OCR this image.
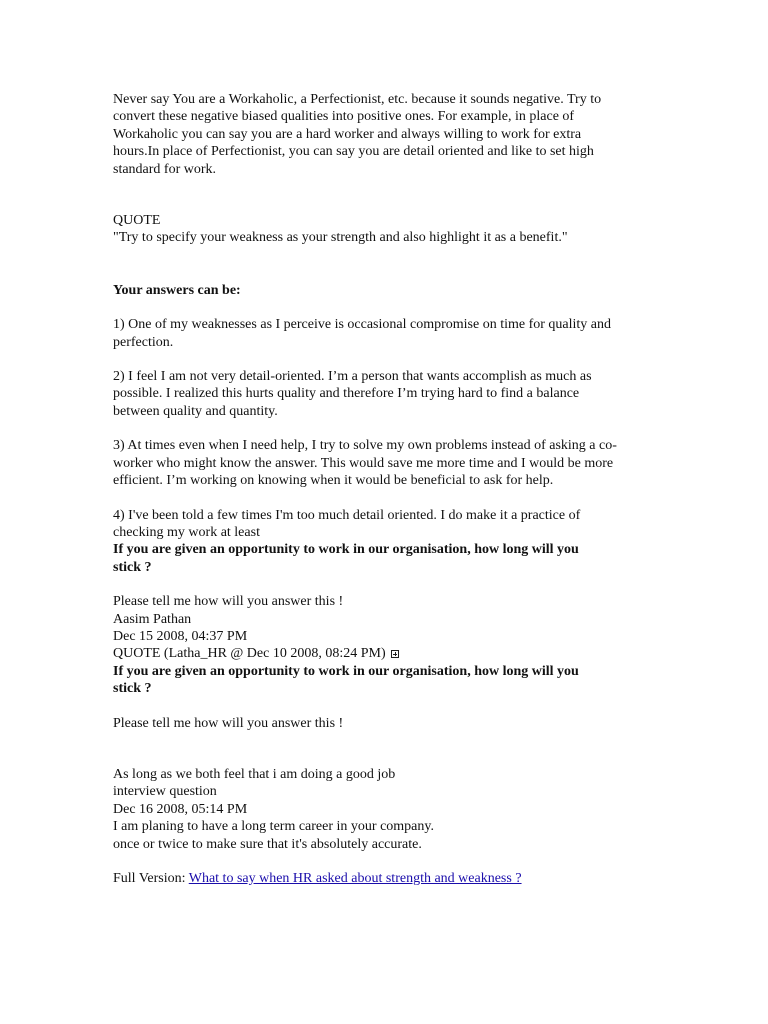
Never say You are a Workaholic, a Perfectionist, etc. because it sounds negative. Try to
convert these negative biased qualities into positive ones. For example, in place of
Workaholic you can say you are a hard worker and always willing to work for extra
hours.In place of Perfectionist, you can say you are detail oriented and like to set high
standard for work.

QUOTE
"Try to specify your weakness as your strength and also highlight it as a benefit."

Your answers can be:

1) One of my weaknesses as I perceive is occasional compromise on time for quality and
perfection.

2) I feel I am not very detail-oriented. I’m a person that wants accomplish as much as
possible. I realized this hurts quality and therefore I’m trying hard to find a balance
between quality and quantity.

3) At times even when I need help, I try to solve my own problems instead of asking a co-
worker who might know the answer. This would save me more time and I would be more
efficient. I’m working on knowing when it would be beneficial to ask for help.

4) I've been told a few times I'm too much detail oriented. I do make it a practice of
checking my work at least

If you are given an opportunity to work in our organisation, how long will you
stick ?

Please tell me how will you answer this !

Aasim Pathan

Dec 15 2008, 04:37 PM

QUOTE (Latha_HR @ Dec 10 2008, 08:24 PM)

If you are given an opportunity to work in our organisation, how long will you
stick ?

Please tell me how will you answer this !

As long as we both feel that i am doing a good job

interview question

Dec 16 2008, 05:14 PM

I am planing to have a long term career in your company.

once or twice to make sure that it's absolutely accurate.

Full Version: What to say when HR asked about strength and weakness ?
